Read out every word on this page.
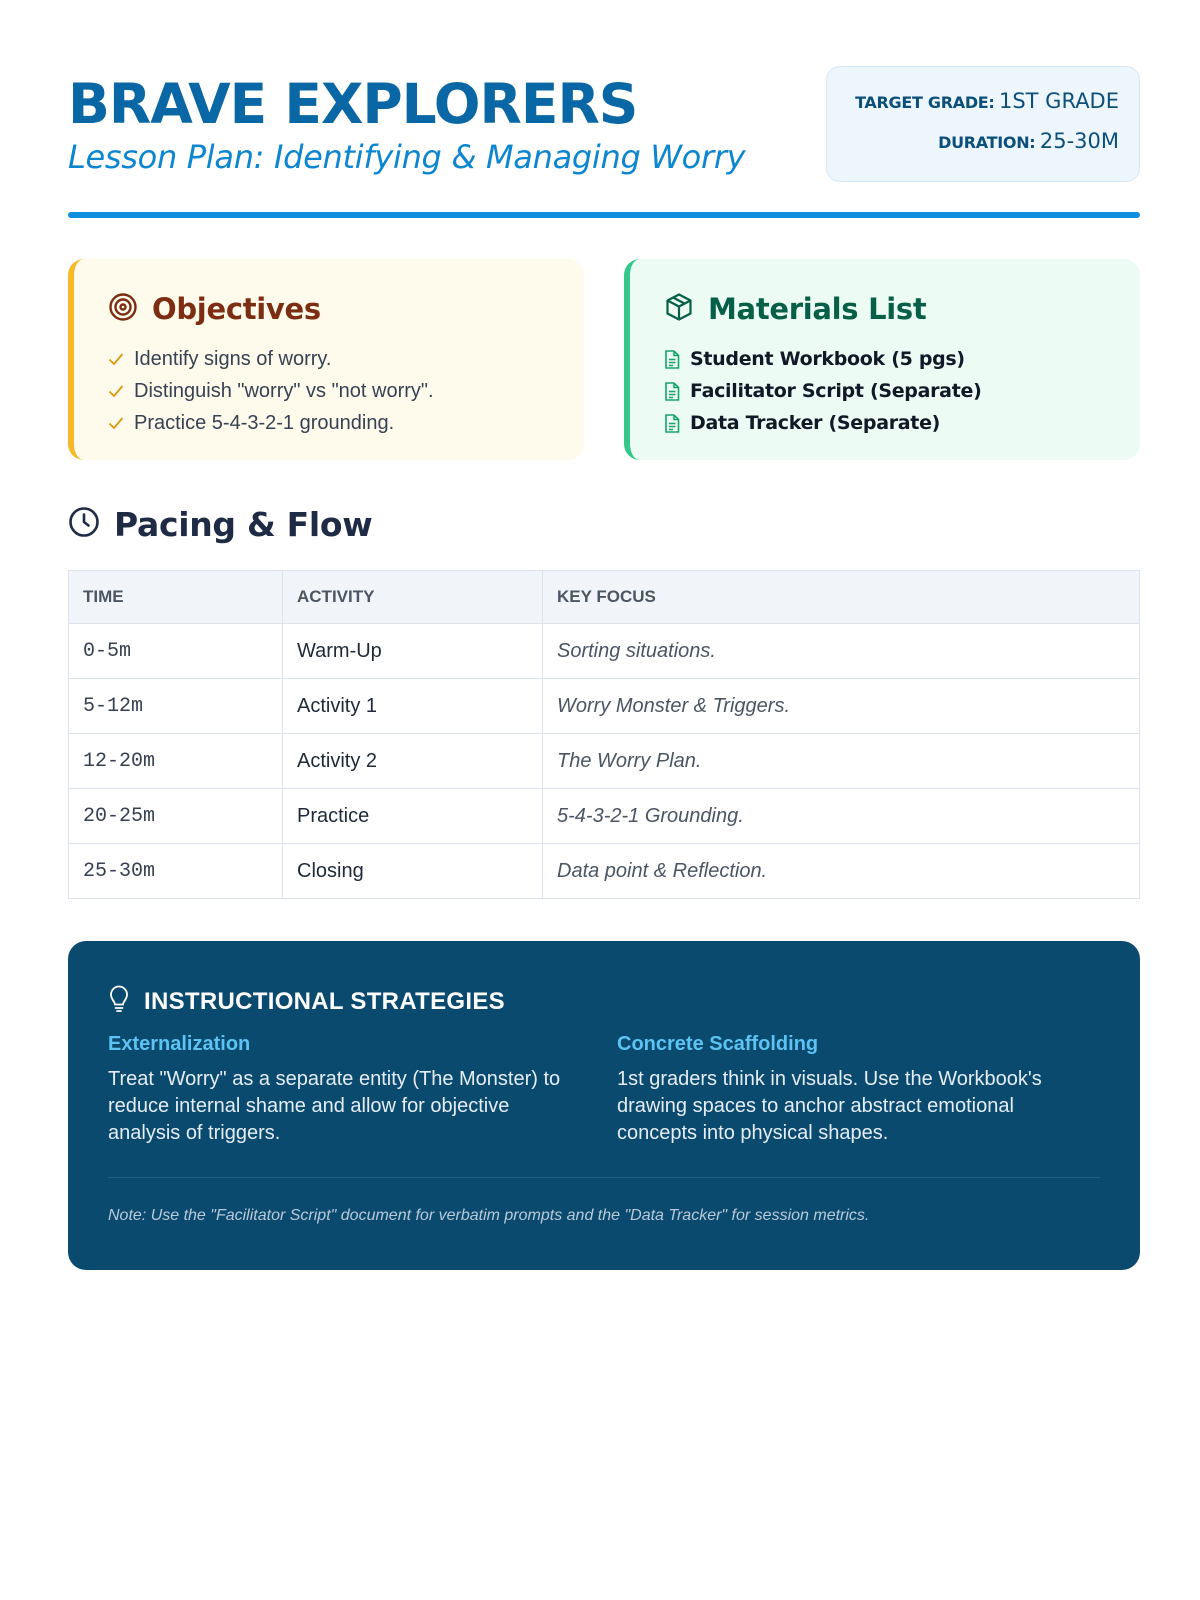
BRAVE EXPLORERS
Lesson Plan: Identifying & Managing Worry
TARGET GRADE: 1ST GRADE
DURATION: 25-30M
Objectives
Identify signs of worry.
Distinguish "worry" vs "not worry".
Practice 5-4-3-2-1 grounding.
Materials List
Student Workbook (5 pgs)
Facilitator Script (Separate)
Data Tracker (Separate)
Pacing & Flow
TIME	ACTIVITY	KEY FOCUS
0-5m	Warm-Up	Sorting situations.
5-12m	Activity 1	Worry Monster & Triggers.
12-20m	Activity 2	The Worry Plan.
20-25m	Practice	5-4-3-2-1 Grounding.
25-30m	Closing	Data point & Reflection.
INSTRUCTIONAL STRATEGIES
Externalization
Treat "Worry" as a separate entity (The Monster) to reduce internal shame and allow for objective analysis of triggers.
Concrete Scaffolding
1st graders think in visuals. Use the Workbook's drawing spaces to anchor abstract emotional concepts into physical shapes.
Note: Use the "Facilitator Script" document for verbatim prompts and the "Data Tracker" for session metrics.
